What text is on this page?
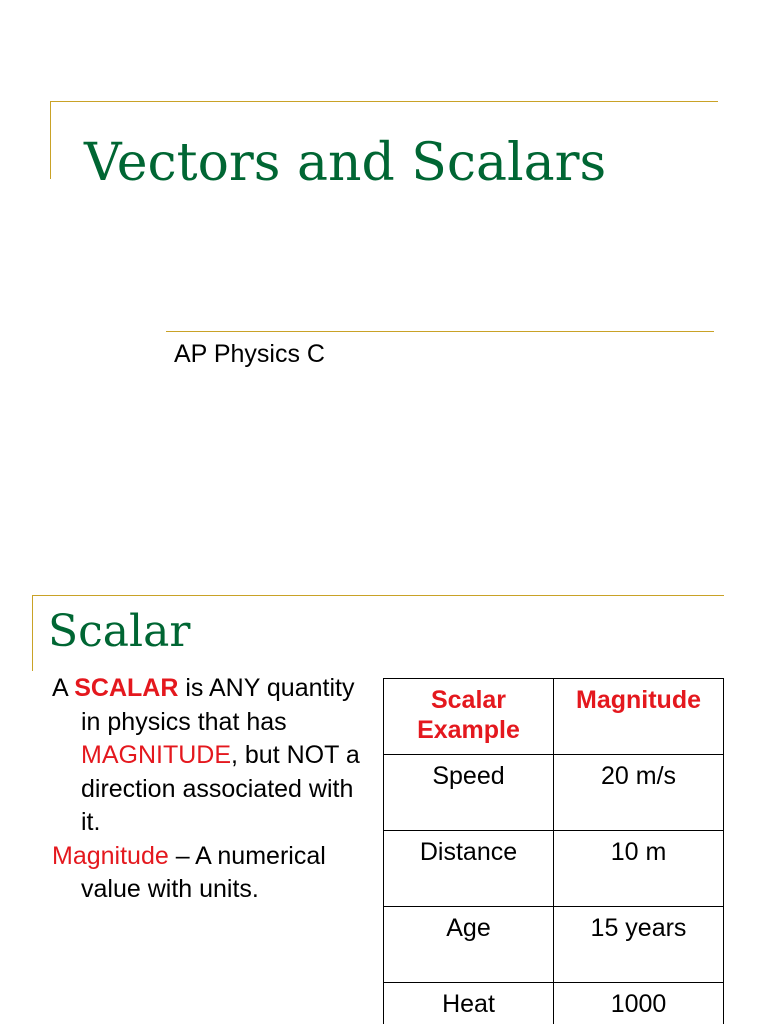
Vectors and Scalars
AP Physics C
Scalar

A SCALAR is ANY quantity in physics that has MAGNITUDE, but NOT a direction associated with it.

Magnitude – A numerical value with units.

Scalar Example	Magnitude
Speed	20 m/s
Distance	10 m
Age	15 years
Heat	1000
